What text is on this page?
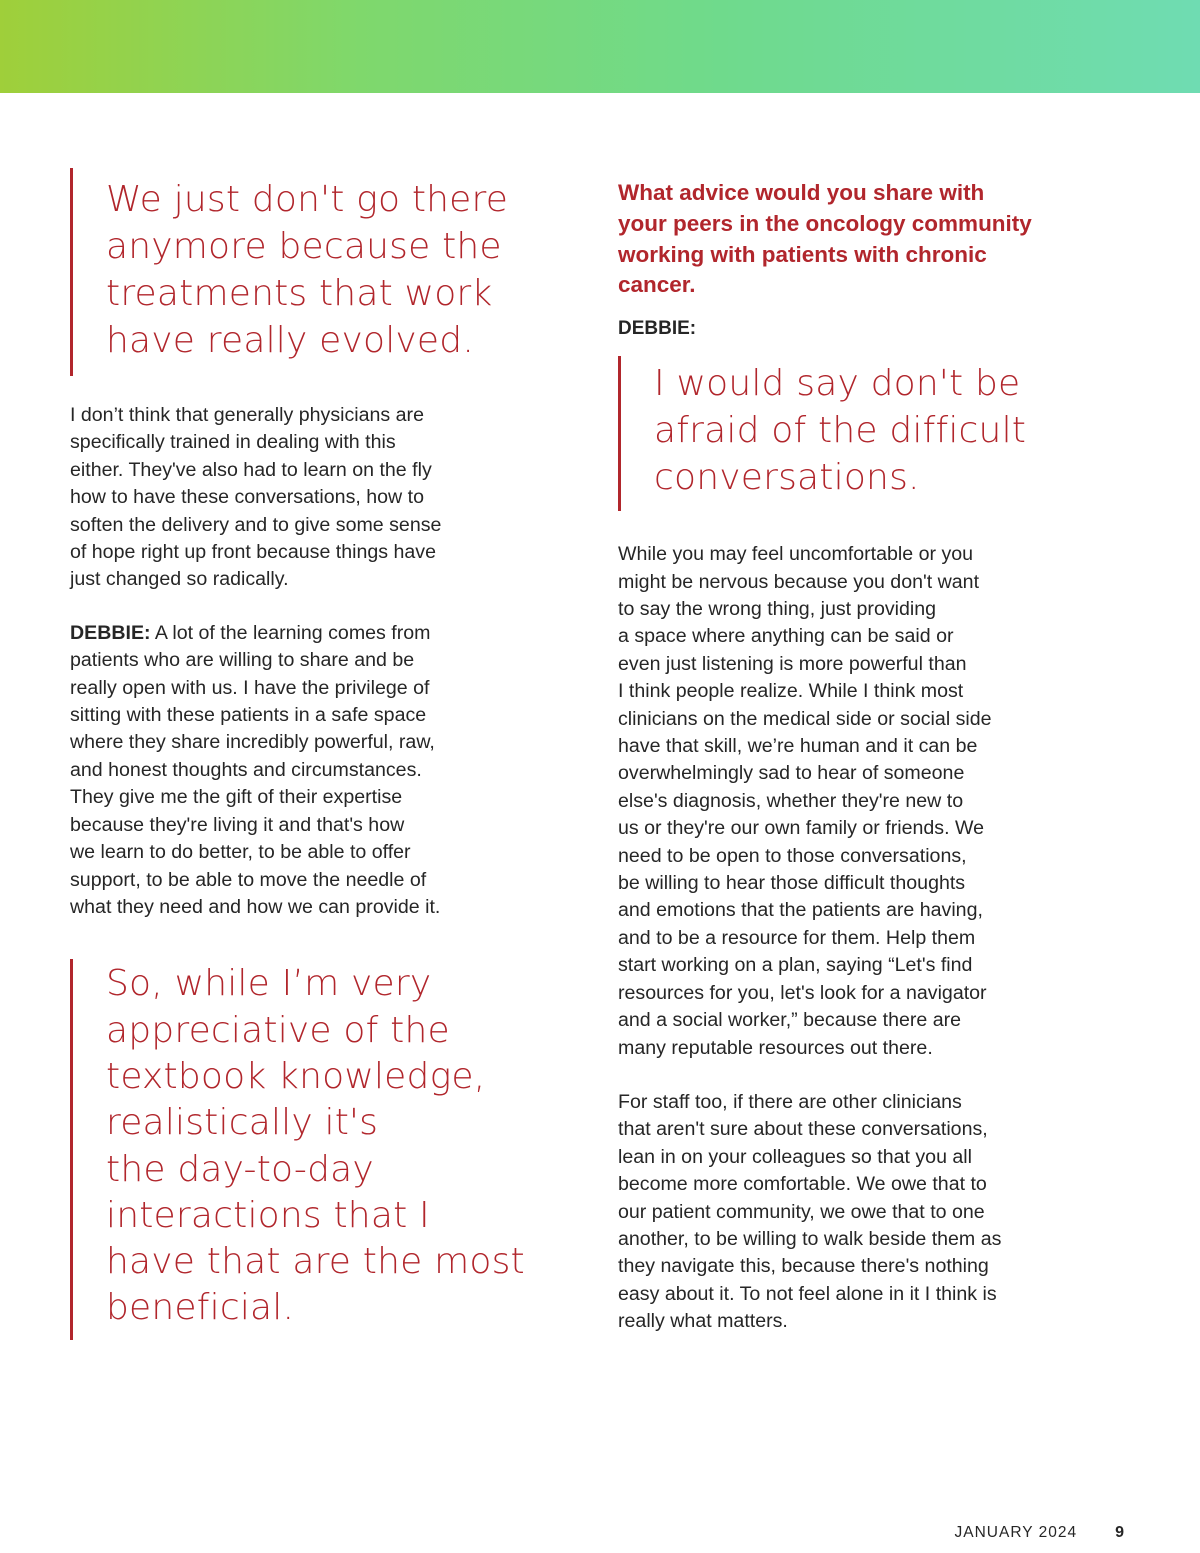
We just don't go there
anymore because the
treatments that work
have really evolved.

I don’t think that generally physicians are
specifically trained in dealing with this
either. They've also had to learn on the fly
how to have these conversations, how to
soften the delivery and to give some sense
of hope right up front because things have
just changed so radically.

DEBBIE: A lot of the learning comes from
patients who are willing to share and be
really open with us. I have the privilege of
sitting with these patients in a safe space
where they share incredibly powerful, raw,
and honest thoughts and circumstances.
They give me the gift of their expertise
because they're living it and that's how
we learn to do better, to be able to offer
support, to be able to move the needle of
what they need and how we can provide it.

So, while I’m very
appreciative of the
textbook knowledge,
realistically it's
the day-to-day
interactions that I
have that are the most
beneficial.

What advice would you share with
your peers in the oncology community
working with patients with chronic
cancer.

DEBBIE:
I would say don't be
afraid of the difficult
conversations.

While you may feel uncomfortable or you
might be nervous because you don't want
to say the wrong thing, just providing
a space where anything can be said or
even just listening is more powerful than
I think people realize. While I think most
clinicians on the medical side or social side
have that skill, we’re human and it can be
overwhelmingly sad to hear of someone
else's diagnosis, whether they're new to
us or they're our own family or friends. We
need to be open to those conversations,
be willing to hear those difficult thoughts
and emotions that the patients are having,
and to be a resource for them. Help them
start working on a plan, saying “Let's find
resources for you, let's look for a navigator
and a social worker,” because there are
many reputable resources out there.

For staff too, if there are other clinicians
that aren't sure about these conversations,
lean in on your colleagues so that you all
become more comfortable. We owe that to
our patient community, we owe that to one
another, to be willing to walk beside them as
they navigate this, because there's nothing
easy about it. To not feel alone in it I think is
really what matters.

JANUARY 2024 9
